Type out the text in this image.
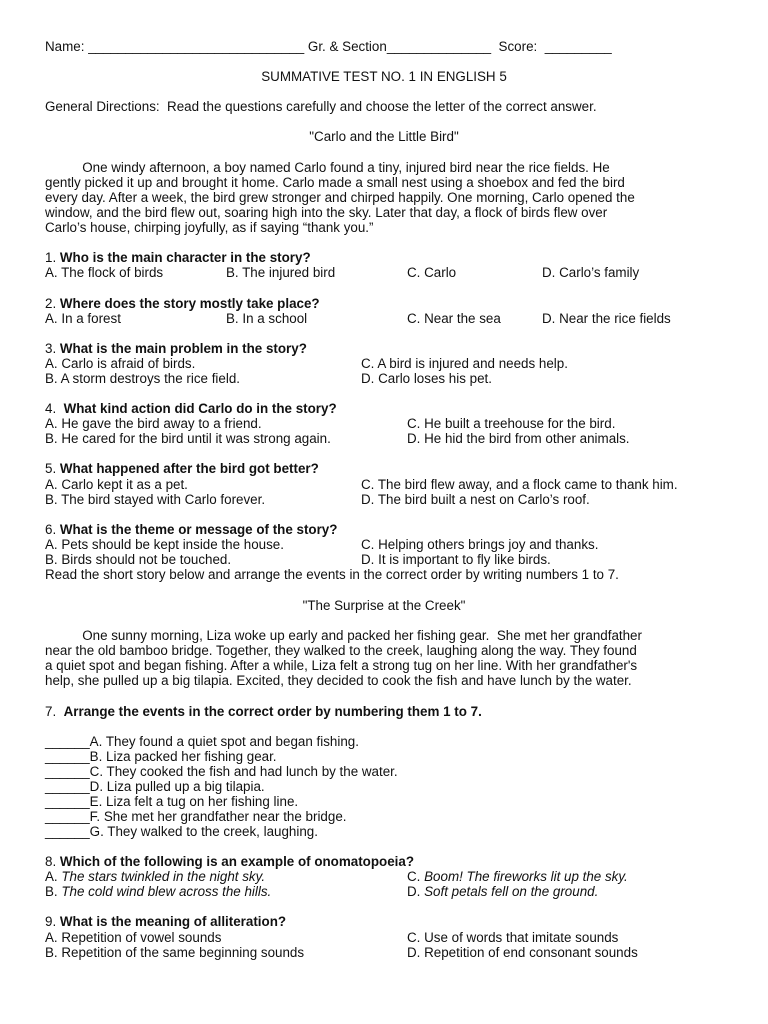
Name: _____________________________ Gr. & Section______________ Score: _________
SUMMATIVE TEST NO. 1 IN ENGLISH 5
General Directions:  Read the questions carefully and choose the letter of the correct answer.
"Carlo and the Little Bird"
One windy afternoon, a boy named Carlo found a tiny, injured bird near the rice fields. He
gently picked it up and brought it home. Carlo made a small nest using a shoebox and fed the bird
every day. After a week, the bird grew stronger and chirped happily. One morning, Carlo opened the
window, and the bird flew out, soaring high into the sky. Later that day, a flock of birds flew over
Carlo’s house, chirping joyfully, as if saying “thank you.”
1. Who is the main character in the story?
A. The flock of birds	B. The injured bird	C. Carlo	D. Carlo’s family
2. Where does the story mostly take place?
A. In a forest	B. In a school	C. Near the sea	D. Near the rice fields
3. What is the main problem in the story?
A. Carlo is afraid of birds.	C. A bird is injured and needs help.
B. A storm destroys the rice field.	D. Carlo loses his pet.
4.  What kind action did Carlo do in the story?
A. He gave the bird away to a friend.	C. He built a treehouse for the bird.
B. He cared for the bird until it was strong again.	D. He hid the bird from other animals.
5. What happened after the bird got better?
A. Carlo kept it as a pet.	C. The bird flew away, and a flock came to thank him.
B. The bird stayed with Carlo forever.	D. The bird built a nest on Carlo’s roof.
6. What is the theme or message of the story?
A. Pets should be kept inside the house.	C. Helping others brings joy and thanks.
B. Birds should not be touched.	D. It is important to fly like birds.
Read the short story below and arrange the events in the correct order by writing numbers 1 to 7.
"The Surprise at the Creek"
One sunny morning, Liza woke up early and packed her fishing gear.  She met her grandfather
near the old bamboo bridge. Together, they walked to the creek, laughing along the way. They found
a quiet spot and began fishing. After a while, Liza felt a strong tug on her line. With her grandfather's
help, she pulled up a big tilapia. Excited, they decided to cook the fish and have lunch by the water.
7.  Arrange the events in the correct order by numbering them 1 to 7.
______A. They found a quiet spot and began fishing.
______B. Liza packed her fishing gear.
______C. They cooked the fish and had lunch by the water.
______D. Liza pulled up a big tilapia.
______E. Liza felt a tug on her fishing line.
______F. She met her grandfather near the bridge.
______G. They walked to the creek, laughing.
8. Which of the following is an example of onomatopoeia?
A. The stars twinkled in the night sky.	C. Boom! The fireworks lit up the sky.
B. The cold wind blew across the hills.	D. Soft petals fell on the ground.
9. What is the meaning of alliteration?
A. Repetition of vowel sounds	C. Use of words that imitate sounds
B. Repetition of the same beginning sounds	D. Repetition of end consonant sounds
